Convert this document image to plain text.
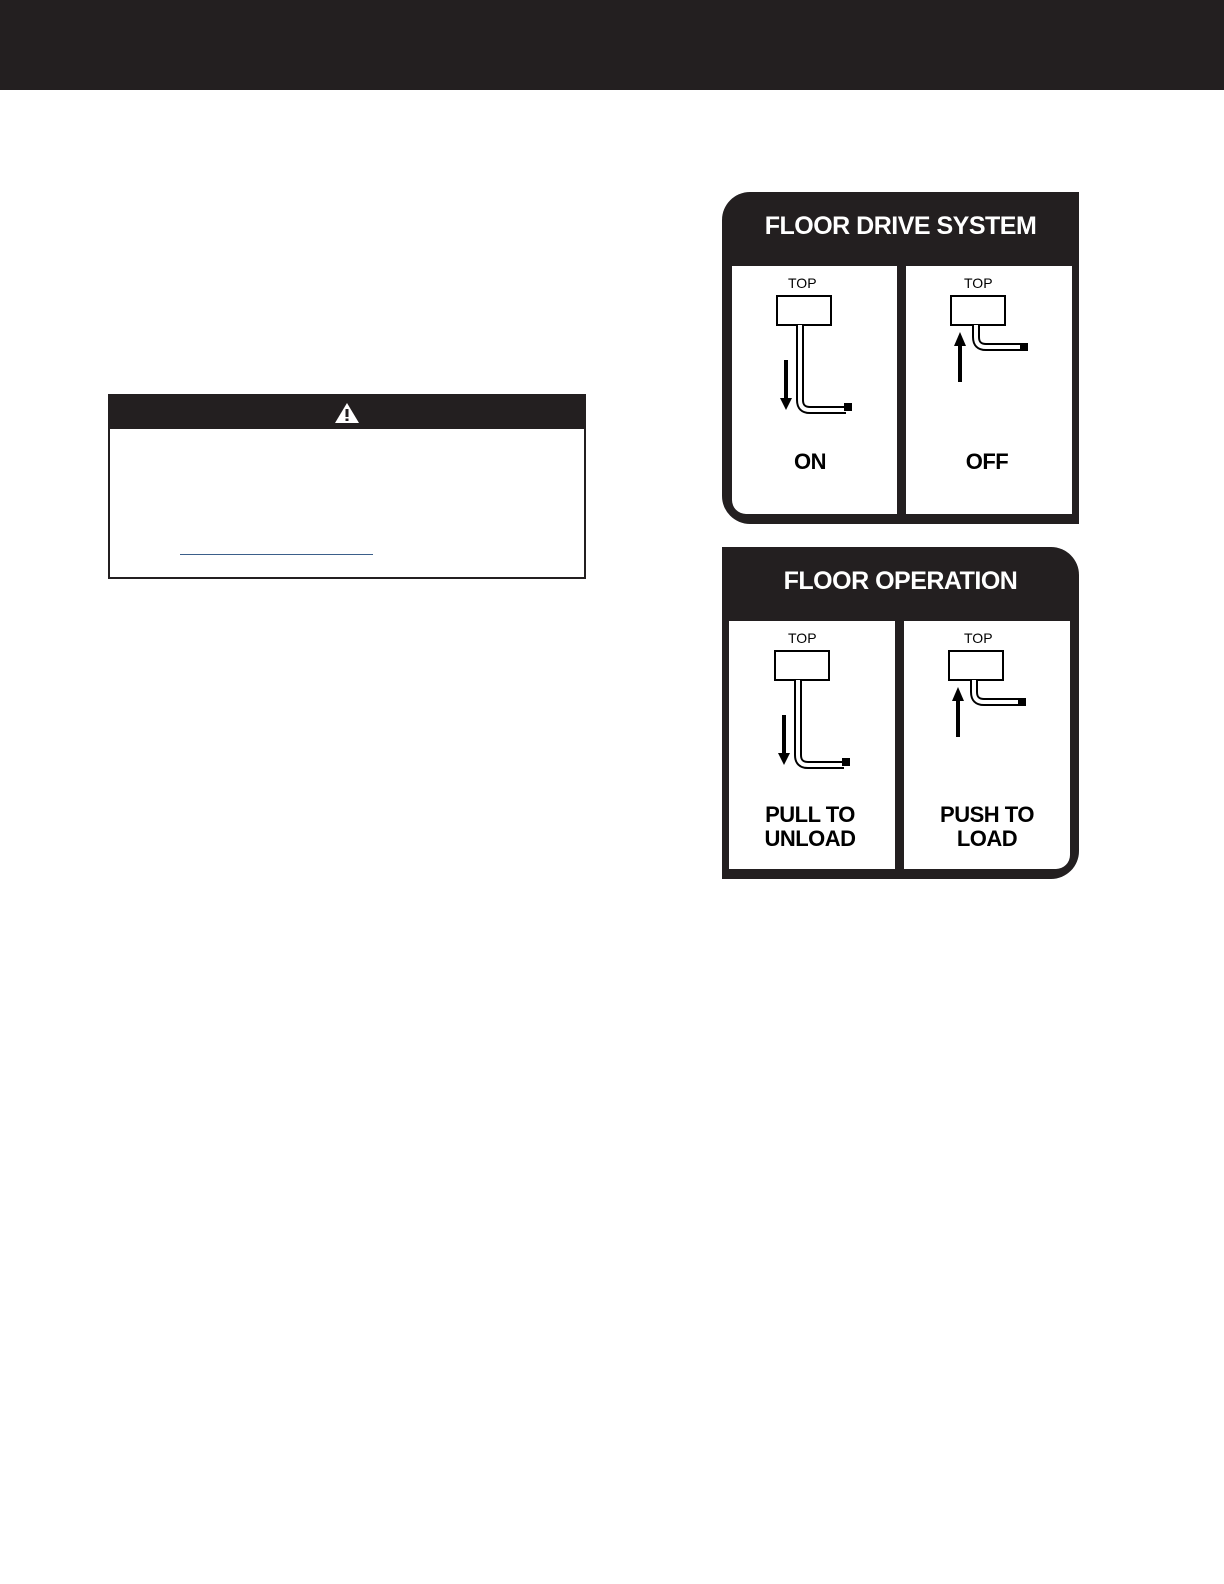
FLOOR DRIVE SYSTEM
TOP
ON
TOP
OFF
FLOOR OPERATION
TOP
PULL TO
UNLOAD
TOP
PUSH TO
LOAD
